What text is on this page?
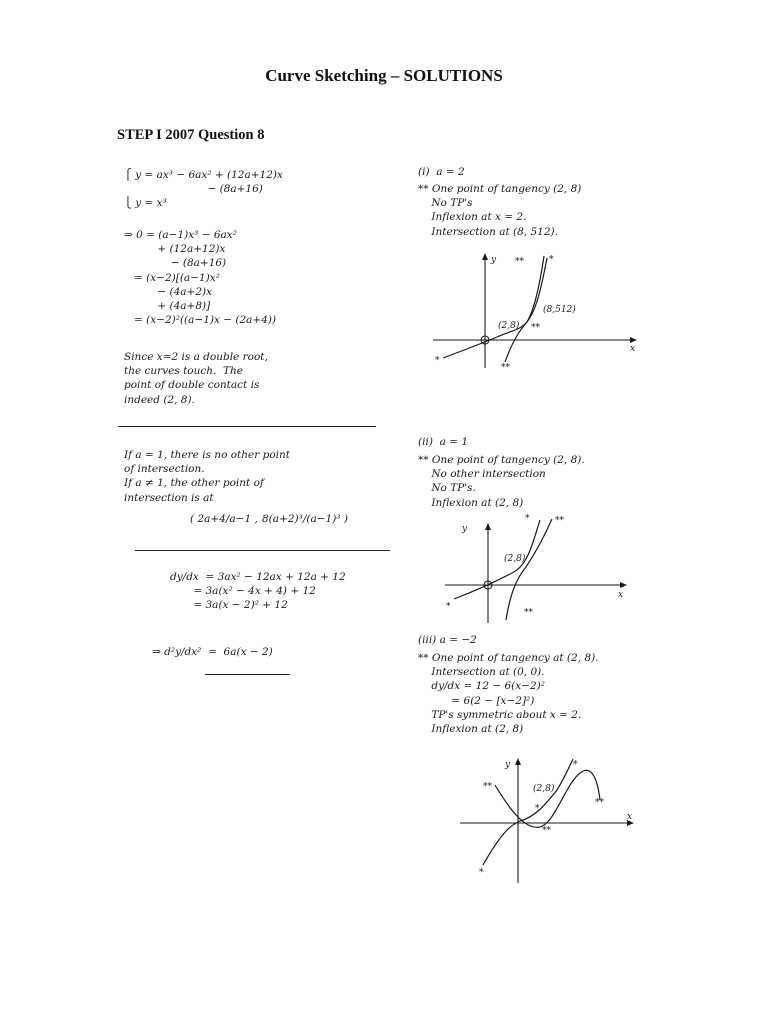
Curve Sketching – SOLUTIONS
STEP I 2007 Question 8
⎧ y = ax³ − 6ax² + (12a+12)x
− (8a+16)
⎩ y = x³
⇒ 0 = (a−1)x³ − 6ax²
+ (12a+12)x
− (8a+16)
= (x−2)[(a−1)x²
− (4a+2)x
+ (4a+8)]
= (x−2)²((a−1)x − (2a+4))
Since x=2 is a double root,
the curves touch.  The
point of double contact is
indeed (2, 8).
If a = 1, there is no other point
of intersection.
If a ≠ 1, the other point of
intersection is at
( 2a+4/a−1 , 8(a+2)³/(a−1)³ )
dy/dx  = 3ax² − 12ax + 12a + 12
= 3a(x² − 4x + 4) + 12
= 3a(x − 2)² + 12
⇒ d²y/dx²  =  6a(x − 2)
(i)  a = 2
** One point of tangency (2, 8)
No TP's
Inflexion at x = 2.
Intersection at (8, 512).
*
**
(2,8) **
(8,512)
**	*
y
x
(ii)  a = 1
** One point of tangency (2, 8).
No other intersection
No TP's.
Inflexion at (2, 8)
*
**
(2,8)
*	**
y
x
(iii) a = −2
** One point of tangency at (2, 8).
Intersection at (0, 0).
dy/dx = 12 − 6(x−2)²
= 6(2 − [x−2]²)
TP's symmetric about x = 2.
Inflexion at (2, 8)
*
**	(2,8)
*
**
*
**
y
x
